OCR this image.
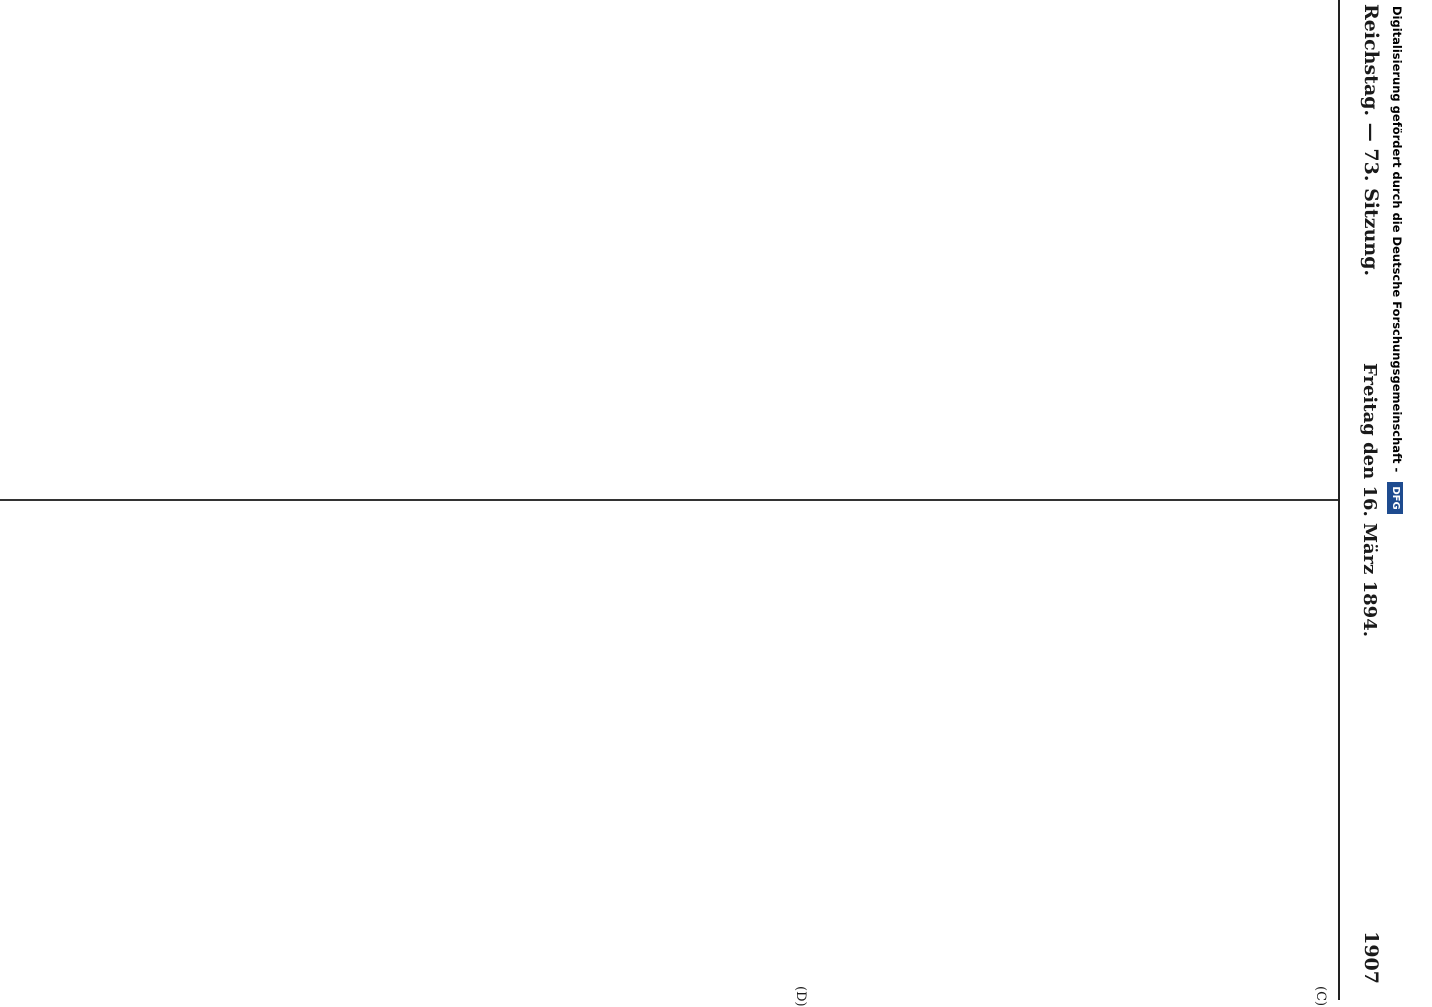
Reichstag. — 73. Sitzung.
Freitag den 16. März 1894.
1907
(C)
(D)
Digitalisierung gefördert durch die Deutsche Forschungsgemeinschaft - DFG
